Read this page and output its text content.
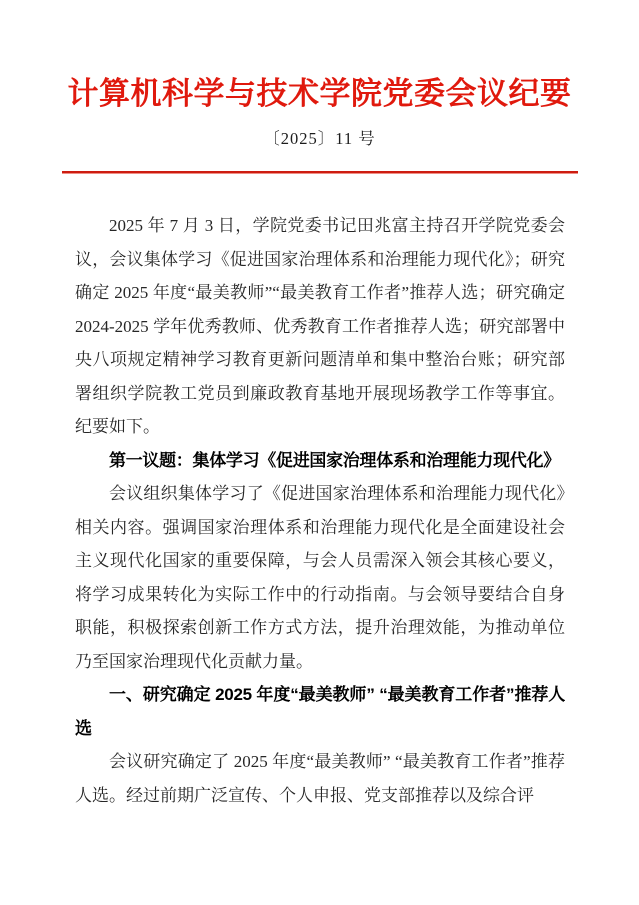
计算机科学与技术学院党委会议纪要
〔2025〕11 号

2025 年 7 月 3 日，学院党委书记田兆富主持召开学院党委会议，会议集体学习《促进国家治理体系和治理能力现代化》；研究确定 2025 年度“最美教师”“最美教育工作者”推荐人选；研究确定 2024-2025 学年优秀教师、优秀教育工作者推荐人选；研究部署中央八项规定精神学习教育更新问题清单和集中整治台账；研究部署组织学院教工党员到廉政教育基地开展现场教学工作等事宜。纪要如下。

第一议题：集体学习《促进国家治理体系和治理能力现代化》

会议组织集体学习了《促进国家治理体系和治理能力现代化》相关内容。强调国家治理体系和治理能力现代化是全面建设社会主义现代化国家的重要保障，与会人员需深入领会其核心要义，将学习成果转化为实际工作中的行动指南。与会领导要结合自身职能，积极探索创新工作方式方法，提升治理效能，为推动单位乃至国家治理现代化贡献力量。

一、研究确定 2025 年度“最美教师” “最美教育工作者”推荐人选

会议研究确定了 2025 年度“最美教师” “最美教育工作者”推荐人选。经过前期广泛宣传、个人申报、党支部推荐以及综合评
